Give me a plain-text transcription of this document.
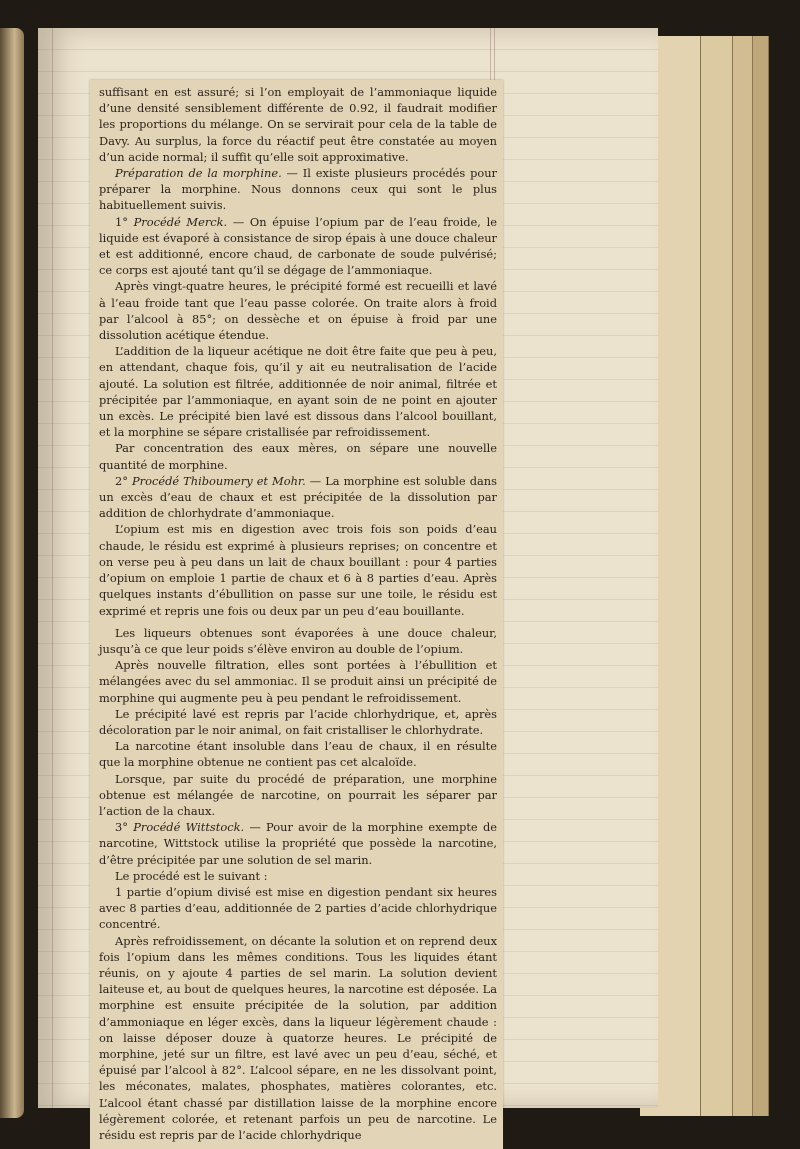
suffisant en est assuré; si l’on employait de l’ammoniaque liquide d’une densité sensiblement différente de 0.92, il faudrait modifier les proportions du mélange. On se servirait pour cela de la table de Davy. Au surplus, la force du réactif peut être constatée au moyen d’un acide normal; il suffit qu’elle soit approximative.

Préparation de la morphine. — Il existe plusieurs procédés pour préparer la morphine. Nous donnons ceux qui sont le plus habituellement suivis.

1° Procédé Merck. — On épuise l’opium par de l’eau froide, le liquide est évaporé à consistance de sirop épais à une douce chaleur et est additionné, encore chaud, de carbonate de soude pulvérisé; ce corps est ajouté tant qu’il se dégage de l’ammoniaque.

Après vingt-quatre heures, le précipité formé est recueilli et lavé à l’eau froide tant que l’eau passe colorée. On traite alors à froid par l’alcool à 85°; on dessèche et on épuise à froid par une dissolution acétique étendue.

L’addition de la liqueur acétique ne doit être faite que peu à peu, en attendant, chaque fois, qu’il y ait eu neutralisation de l’acide ajouté. La solution est filtrée, additionnée de noir animal, filtrée et précipitée par l’ammoniaque, en ayant soin de ne point en ajouter un excès. Le précipité bien lavé est dissous dans l’alcool bouillant, et la morphine se sépare cristallisée par refroidissement.

Par concentration des eaux mères, on sépare une nouvelle quantité de morphine.

2° Procédé Thiboumery et Mohr. — La morphine est soluble dans un excès d’eau de chaux et est précipitée de la dissolution par addition de chlorhydrate d’ammoniaque.

L’opium est mis en digestion avec trois fois son poids d’eau chaude, le résidu est exprimé à plusieurs reprises; on concentre et on verse peu à peu dans un lait de chaux bouillant : pour 4 parties d’opium on emploie 1 partie de chaux et 6 à 8 parties d’eau. Après quelques instants d’ébullition on passe sur une toile, le résidu est exprimé et repris une fois ou deux par un peu d’eau bouillante.

Les liqueurs obtenues sont évaporées à une douce chaleur, jusqu’à ce que leur poids s’élève environ au double de l’opium.

Après nouvelle filtration, elles sont portées à l’ébullition et mélangées avec du sel ammoniac. Il se produit ainsi un précipité de morphine qui augmente peu à peu pendant le refroidissement.

Le précipité lavé est repris par l’acide chlorhydrique, et, après décoloration par le noir animal, on fait cristalliser le chlorhydrate.

La narcotine étant insoluble dans l’eau de chaux, il en résulte que la morphine obtenue ne contient pas cet alcaloïde.

Lorsque, par suite du procédé de préparation, une morphine obtenue est mélangée de narcotine, on pourrait les séparer par l’action de la chaux.

3° Procédé Wittstock. — Pour avoir de la morphine exempte de narcotine, Wittstock utilise la propriété que possède la narcotine, d’être précipitée par une solution de sel marin.

Le procédé est le suivant :

1 partie d’opium divisé est mise en digestion pendant six heures avec 8 parties d’eau, additionnée de 2 parties d’acide chlorhydrique concentré.

Après refroidissement, on décante la solution et on reprend deux fois l’opium dans les mêmes conditions. Tous les liquides étant réunis, on y ajoute 4 parties de sel marin. La solution devient laiteuse et, au bout de quelques heures, la narcotine est déposée. La morphine est ensuite précipitée de la solution, par addition d’ammoniaque en léger excès, dans la liqueur légèrement chaude : on laisse déposer douze à quatorze heures. Le précipité de morphine, jeté sur un filtre, est lavé avec un peu d’eau, séché, et épuisé par l’alcool à 82°. L’alcool sépare, en ne les dissolvant point, les méconates, malates, phosphates, matières colorantes, etc. L’alcool étant chassé par distillation laisse de la morphine encore légèrement colorée, et retenant parfois un peu de narcotine. Le résidu est repris par de l’acide chlorhydrique
